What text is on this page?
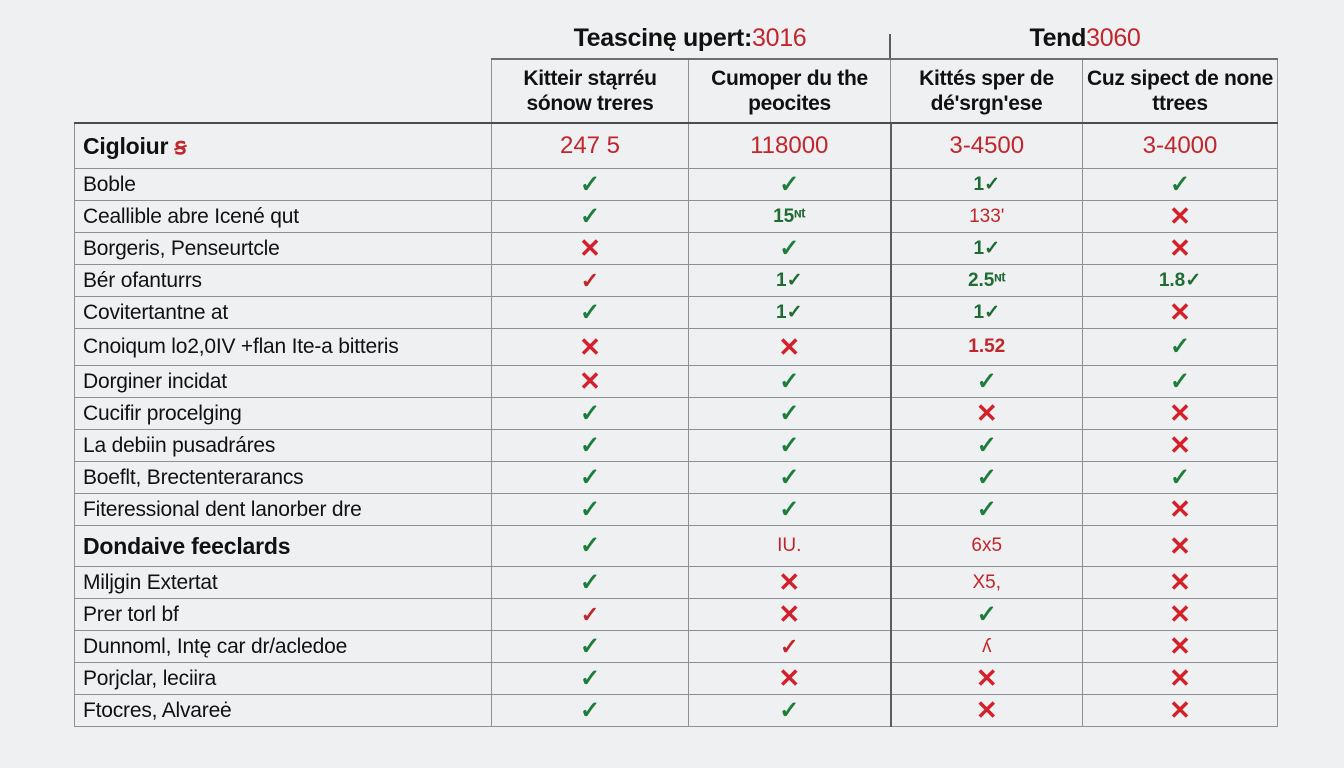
Teascinę upert:3016	Tend3060
	Kitteir stąrréu sónow treres	Cumoper du the peocites	Kittés sper de dé'srgn'ese	Cuz sipect de none ttrees
Cigloiur ꞩ	247 5	118000	3-4500	3-4000
Boble	✓	✓	1✓	✓
Ceallible abre Icené qut	✓	15ᶰᵗ	133'	✕
Borgeris, Penseurtcle	✕	✓	1✓	✕
Bér ofanturrs	✓	1✓	2.5ᶰᵗ	1.8✓
Covitertantne at	✓	1✓	1✓	✕
Cnoiqum lo2,0IV +flan Ite-a bitteris	✕	✕	1.52	✓
Dorginer incidat	✕	✓	✓	✓
Cucifir procelging	✓	✓	✕	✕
La debiin pusadráres	✓	✓	✓	✕
Boeflt, Brectenterarancs	✓	✓	✓	✓
Fiteressional dent lanorber dre	✓	✓	✓	✕
Dondaive feeclards	✓	IU.	6x5	✕
Miljgin Extertat	✓	✕	X5,	✕
Prer torl bf	✓	✕	✓	✕
Dunnoml, Intę car dr/acledoe	✓	✓	ʎ	✕
Porjclar, leciira	✓	✕	✕	✕
Ftocres, Alvareė	✓	✓	✕	✕
